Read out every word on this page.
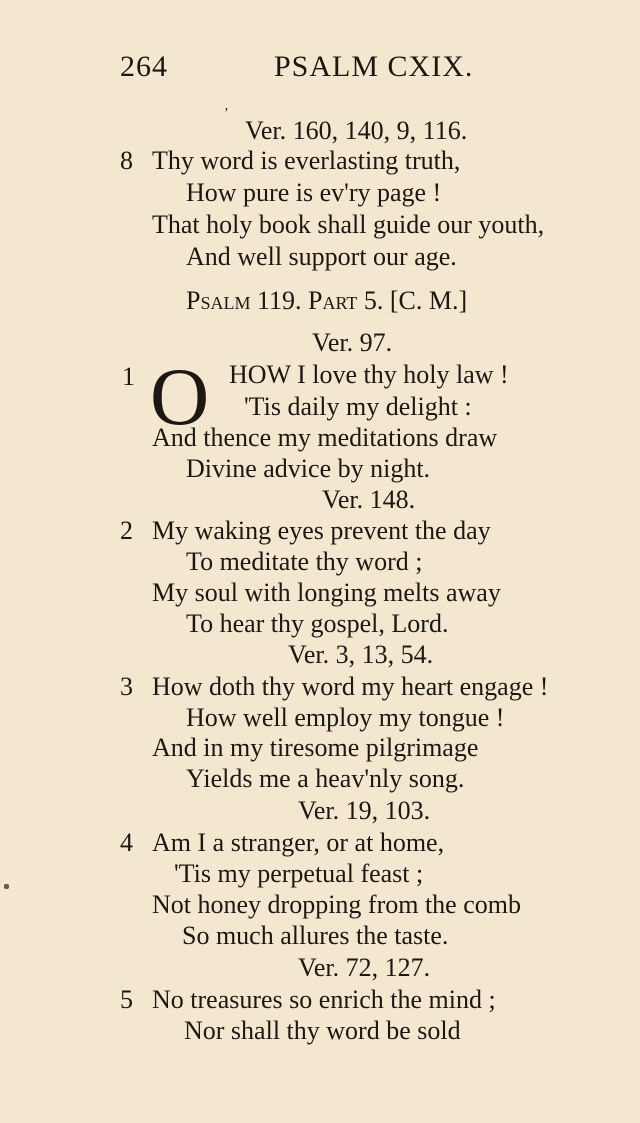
ʼ
264	PSALM CXIX.
Ver. 160, 140, 9, 116.
8 Thy word is everlasting truth,
How pure is ev'ry page !
That holy book shall guide our youth,
And well support our age.
Psalm 119. Part 5. [C. M.]
Ver. 97.
1 O HOW I love thy holy law !
'Tis daily my delight :
And thence my meditations draw
Divine advice by night.
Ver. 148.
2 My waking eyes prevent the day
To meditate thy word ;
My soul with longing melts away
To hear thy gospel, Lord.
Ver. 3, 13, 54.
3 How doth thy word my heart engage !
How well employ my tongue !
And in my tiresome pilgrimage
Yields me a heav'nly song.
Ver. 19, 103.
4 Am I a stranger, or at home,
'Tis my perpetual feast ;
Not honey dropping from the comb
So much allures the taste.
Ver. 72, 127.
5 No treasures so enrich the mind ;
Nor shall thy word be sold
